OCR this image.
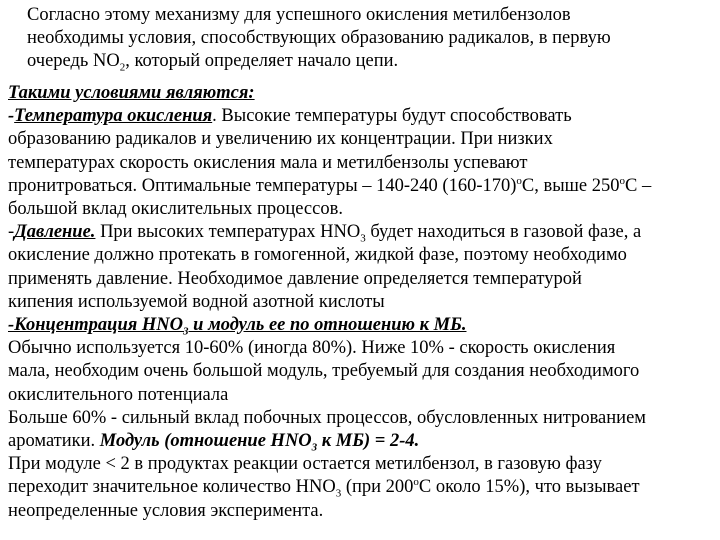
Согласно этому механизму для успешного окисления метилбензолов
необходимы условия, способствующих образованию радикалов, в первую
очередь $NO_2$, который определяет начало цепи.
Такими условиями являются:
-Температура окисления. Высокие температуры будут способствовать
образованию радикалов и увеличению их концентрации. При низких
температурах скорость окисления мала и метилбензолы успевают
пронитроваться. Оптимальные температуры – 140-240 $(160-170)^оС$, выше $250^оС$ –
большой вклад окислительных процессов.
-Давление. При высоких температурах $HNO_3$ будет находиться в газовой фазе, а
окисление должно протекать в гомогенной, жидкой фазе, поэтому необходимо
применять давление. Необходимое давление определяется температурой
кипения используемой водной азотной кислоты
-Концентрация $HNO_3$ и модуль ее по отношению к МБ.
Обычно используется 10-60% (иногда 80%). Ниже 10% - скорость окисления
мала, необходим очень большой модуль, требуемый для создания необходимого
окислительного потенциала
Больше 60% - сильный вклад побочных процессов, обусловленных нитрованием
ароматики. Модуль (отношение $HNO_3$ к МБ) = 2-4.
При модуле < 2 в продуктах реакции остается метилбензол, в газовую фазу
переходит значительное количество $HNO_3$ (при $200^оС$ около 15%), что вызывает
неопределенные условия эксперимента.
